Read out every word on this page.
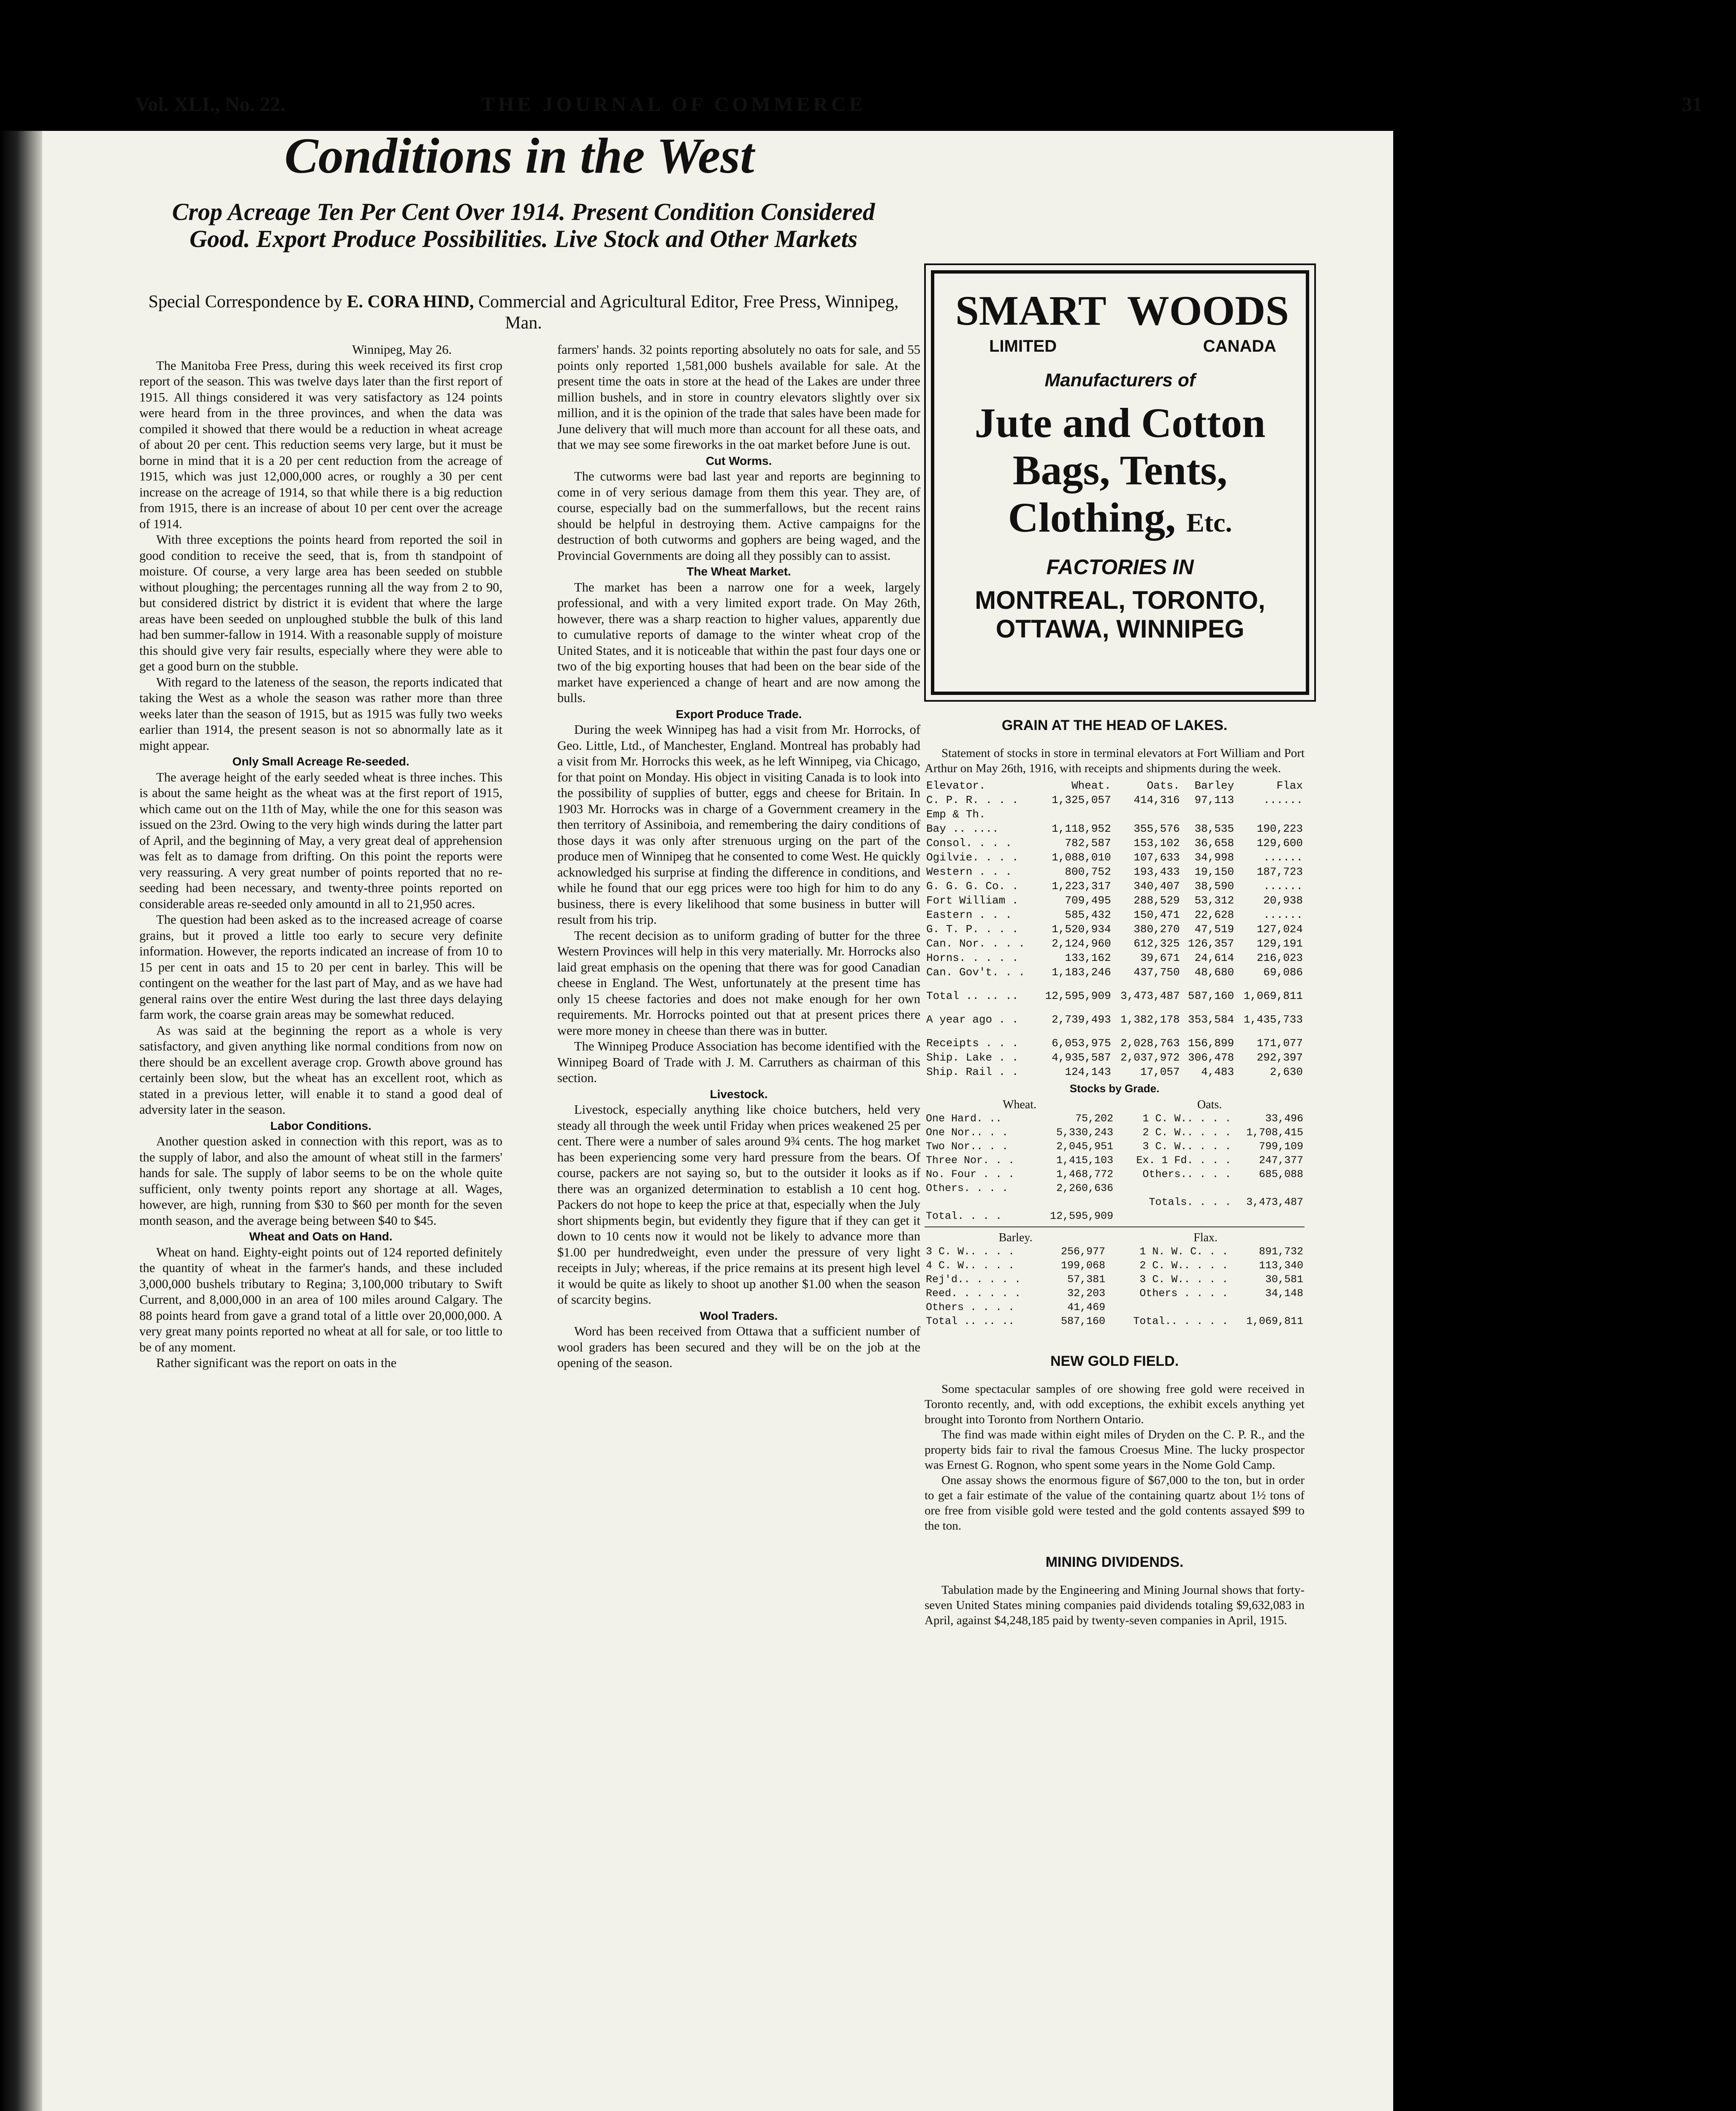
Vol. XLI., No. 22.	THE JOURNAL OF COMMERCE	31
Conditions in the West
Crop Acreage Ten Per Cent Over 1914. Present Condition Considered Good. Export Produce Possibilities. Live Stock and Other Markets
Special Correspondence by E. CORA HIND, Commercial and Agricultural Editor, Free Press, Winnipeg, Man.

Winnipeg, May 26.

The Manitoba Free Press, during this week received its first crop report of the season. This was twelve days later than the first report of 1915. All things considered it was very satisfactory as 124 points were heard from in the three provinces, and when the data was compiled it showed that there would be a reduction in wheat acreage of about 20 per cent. This reduction seems very large, but it must be borne in mind that it is a 20 per cent reduction from the acreage of 1915, which was just 12,000,000 acres, or roughly a 30 per cent increase on the acreage of 1914, so that while there is a big reduction from 1915, there is an increase of about 10 per cent over the acreage of 1914.

With three exceptions the points heard from reported the soil in good condition to receive the seed, that is, from th standpoint of moisture. Of course, a very large area has been seeded on stubble without ploughing; the percentages running all the way from 2 to 90, but considered district by district it is evident that where the large areas have been seeded on unploughed stubble the bulk of this land had ben summer-fallow in 1914. With a reasonable supply of moisture this should give very fair results, especially where they were able to get a good burn on the stubble.

With regard to the lateness of the season, the reports indicated that taking the West as a whole the season was rather more than three weeks later than the season of 1915, but as 1915 was fully two weeks earlier than 1914, the present season is not so abnormally late as it might appear.

Only Small Acreage Re-seeded.

The average height of the early seeded wheat is three inches. This is about the same height as the wheat was at the first report of 1915, which came out on the 11th of May, while the one for this season was issued on the 23rd. Owing to the very high winds during the latter part of April, and the beginning of May, a very great deal of apprehension was felt as to damage from drifting. On this point the reports were very reassuring. A very great number of points reported that no re-seeding had been necessary, and twenty-three points reported on considerable areas re-seeded only amountd in all to 21,950 acres.

The question had been asked as to the increased acreage of coarse grains, but it proved a little too early to secure very definite information. However, the reports indicated an increase of from 10 to 15 per cent in oats and 15 to 20 per cent in barley. This will be contingent on the weather for the last part of May, and as we have had general rains over the entire West during the last three days delaying farm work, the coarse grain areas may be somewhat reduced.

As was said at the beginning the report as a whole is very satisfactory, and given anything like normal conditions from now on there should be an excellent average crop. Growth above ground has certainly been slow, but the wheat has an excellent root, which as stated in a previous letter, will enable it to stand a good deal of adversity later in the season.

Labor Conditions.

Another question asked in connection with this report, was as to the supply of labor, and also the amount of wheat still in the farmers' hands for sale. The supply of labor seems to be on the whole quite sufficient, only twenty points report any shortage at all. Wages, however, are high, running from $30 to $60 per month for the seven month season, and the average being between $40 to $45.

Wheat and Oats on Hand.

Wheat on hand. Eighty-eight points out of 124 reported definitely the quantity of wheat in the farmer's hands, and these included 3,000,000 bushels tributary to Regina; 3,100,000 tributary to Swift Current, and 8,000,000 in an area of 100 miles around Calgary. The 88 points heard from gave a grand total of a little over 20,000,000. A very great many points reported no wheat at all for sale, or too little to be of any moment.

Rather significant was the report on oats in the

farmers' hands. 32 points reporting absolutely no oats for sale, and 55 points only reported 1,581,000 bushels available for sale. At the present time the oats in store at the head of the Lakes are under three million bushels, and in store in country elevators slightly over six million, and it is the opinion of the trade that sales have been made for June delivery that will much more than account for all these oats, and that we may see some fireworks in the oat market before June is out.

Cut Worms.

The cutworms were bad last year and reports are beginning to come in of very serious damage from them this year. They are, of course, especially bad on the summerfallows, but the recent rains should be helpful in destroying them. Active campaigns for the destruction of both cutworms and gophers are being waged, and the Provincial Governments are doing all they possibly can to assist.

The Wheat Market.

The market has been a narrow one for a week, largely professional, and with a very limited export trade. On May 26th, however, there was a sharp reaction to higher values, apparently due to cumulative reports of damage to the winter wheat crop of the United States, and it is noticeable that within the past four days one or two of the big exporting houses that had been on the bear side of the market have experienced a change of heart and are now among the bulls.

Export Produce Trade.

During the week Winnipeg has had a visit from Mr. Horrocks, of Geo. Little, Ltd., of Manchester, England. Montreal has probably had a visit from Mr. Horrocks this week, as he left Winnipeg, via Chicago, for that point on Monday. His object in visiting Canada is to look into the possibility of supplies of butter, eggs and cheese for Britain. In 1903 Mr. Horrocks was in charge of a Government creamery in the then territory of Assiniboia, and remembering the dairy conditions of those days it was only after strenuous urging on the part of the produce men of Winnipeg that he consented to come West. He quickly acknowledged his surprise at finding the difference in conditions, and while he found that our egg prices were too high for him to do any business, there is every likelihood that some business in butter will result from his trip.

The recent decision as to uniform grading of butter for the three Western Provinces will help in this very materially. Mr. Horrocks also laid great emphasis on the opening that there was for good Canadian cheese in England. The West, unfortunately at the present time has only 15 cheese factories and does not make enough for her own requirements. Mr. Horrocks pointed out that at present prices there were more money in cheese than there was in butter.

The Winnipeg Produce Association has become identified with the Winnipeg Board of Trade with J. M. Carruthers as chairman of this section.

Livestock.

Livestock, especially anything like choice butchers, held very steady all through the week until Friday when prices weakened 25 per cent. There were a number of sales around 9¾ cents. The hog market has been experiencing some very hard pressure from the bears. Of course, packers are not saying so, but to the outsider it looks as if there was an organized determination to establish a 10 cent hog. Packers do not hope to keep the price at that, especially when the July short shipments begin, but evidently they figure that if they can get it down to 10 cents now it would not be likely to advance more than $1.00 per hundredweight, even under the pressure of very light receipts in July; whereas, if the price remains at its present high level it would be quite as likely to shoot up another $1.00 when the season of scarcity begins.

Wool Traders.

Word has been received from Ottawa that a sufficient number of wool graders has been secured and they will be on the job at the opening of the season.

SMART WOODS
LIMITED	CANADA
Manufacturers of
Jute and Cotton
Bags, Tents,
Clothing, Etc.
FACTORIES IN
MONTREAL, TORONTO,
OTTAWA, WINNIPEG
GRAIN AT THE HEAD OF LAKES.

Statement of stocks in store in terminal elevators at Fort William and Port Arthur on May 26th, 1916, with receipts and shipments during the week.

Elevator.	Wheat.	Oats.	Barley	Flax
C. P. R. . . .	1,325,057	414,316	97,113	......
Emp & Th.				
Bay .. ....	1,118,952	355,576	38,535	190,223
Consol. . . .	782,587	153,102	36,658	129,600
Ogilvie. . . .	1,088,010	107,633	34,998	......
Western . . .	800,752	193,433	19,150	187,723
G. G. G. Co. .	1,223,317	340,407	38,590	......
Fort William .	709,495	288,529	53,312	20,938
Eastern . . .	585,432	150,471	22,628	......
G. T. P. . . .	1,520,934	380,270	47,519	127,024
Can. Nor. . . .	2,124,960	612,325	126,357	129,191
Horns. . . . .	133,162	39,671	24,614	216,023
Can. Gov't. . .	1,183,246	437,750	48,680	69,086

Total .. .. ..	12,595,909	3,473,487	587,160	1,069,811

A year ago . .	2,739,493	1,382,178	353,584	1,435,733

Receipts . . .	6,053,975	2,028,763	156,899	171,077
Ship. Lake . .	4,935,587	2,037,972	306,478	292,397
Ship. Rail . .	124,143	17,057	4,483	2,630
Stocks by Grade.
Wheat.		Oats.	
One Hard. ..	75,202	1 C. W.. . . .	33,496
One Nor.. . .	5,330,243	2 C. W.. . . .	1,708,415
Two Nor.. . .	2,045,951	3 C. W.. . . .	799,109
Three Nor. . .	1,415,103	Ex. 1 Fd. . . .	247,377
No. Four . . .	1,468,772	Others.. . . .	685,088
Others. . . .	2,260,636		
		Totals. . . .	3,473,487
Total. . . .	12,595,909		
Barley.		Flax.	
3 C. W.. . . .	256,977	1 N. W. C. . .	891,732
4 C. W.. . . .	199,068	2 C. W.. . . .	113,340
Rej'd.. . . . .	57,381	3 C. W.. . . .	30,581
Reed. . . . . .	32,203	Others . . . .	34,148
Others . . . .	41,469		
Total .. .. ..	587,160	Total.. . . . .	1,069,811
NEW GOLD FIELD.

Some spectacular samples of ore showing free gold were received in Toronto recently, and, with odd exceptions, the exhibit excels anything yet brought into Toronto from Northern Ontario.

The find was made within eight miles of Dryden on the C. P. R., and the property bids fair to rival the famous Croesus Mine. The lucky prospector was Ernest G. Rognon, who spent some years in the Nome Gold Camp.

One assay shows the enormous figure of $67,000 to the ton, but in order to get a fair estimate of the value of the containing quartz about 1½ tons of ore free from visible gold were tested and the gold contents assayed $99 to the ton.

MINING DIVIDENDS.

Tabulation made by the Engineering and Mining Journal shows that forty-seven United States mining companies paid dividends totaling $9,632,083 in April, against $4,248,185 paid by twenty-seven companies in April, 1915.
